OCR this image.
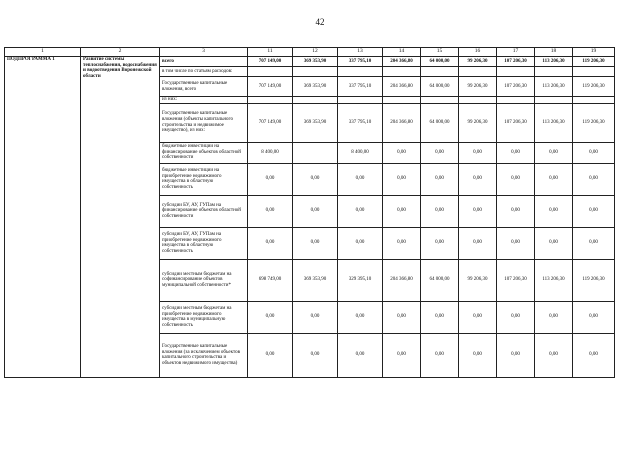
42
1	2	3	11	12	13	14	15	16	17	18	19
ПОДПРОГРАММА 1	Развитие системы теплоснабжения, водоснабжения и водоотведения Воронежской области	всего	707 149,00	369 353,90	337 795,10	204 366,80	64 000,00	99 206,30	107 206,30	113 206,30	119 206,30
		в том числе по статьям расходов:									
		Государственные капитальные вложения, всего	707 149,00	369 353,90	337 795,10	204 366,80	64 000,00	99 206,30	107 206,30	113 206,30	119 206,30
		из них:									
		Государственные капитальные вложения (объекты капитального строительства и недвижимое имущество), из них:	707 149,00	369 353,90	337 795,10	204 366,80	64 000,00	99 206,30	107 206,30	113 206,30	119 206,30
		бюджетные инвестиции на финансирование объектов областной собственности	8 400,00		8 400,00	0,00	0,00	0,00	0,00	0,00	0,00
		бюджетные инвестиции на приобретение недвижимого имущества в областную собственность	0,00	0,00	0,00	0,00	0,00	0,00	0,00	0,00	0,00
		субсидии БУ, АУ, ГУПам на финансирование объектов областной собственности	0,00	0,00	0,00	0,00	0,00	0,00	0,00	0,00	0,00
		субсидии БУ, АУ, ГУПам на приобретение недвижимого имущества в областную собственность	0,00	0,00	0,00	0,00	0,00	0,00	0,00	0,00	0,00
		субсидии местным бюджетам на софинансирование объектов муниципальной собственности*	698 749,00	369 353,90	329 395,10	204 366,80	64 000,00	99 206,30	107 206,30	113 206,30	119 206,30
		субсидии местным бюджетам на приобретение недвижимого имущества в муниципальную собственность	0,00	0,00	0,00	0,00	0,00	0,00	0,00	0,00	0,00
		Государственные капитальные вложения (за исключением объектов капитального строительства и объектов недвижимого имущества)	0,00	0,00	0,00	0,00	0,00	0,00	0,00	0,00	0,00
